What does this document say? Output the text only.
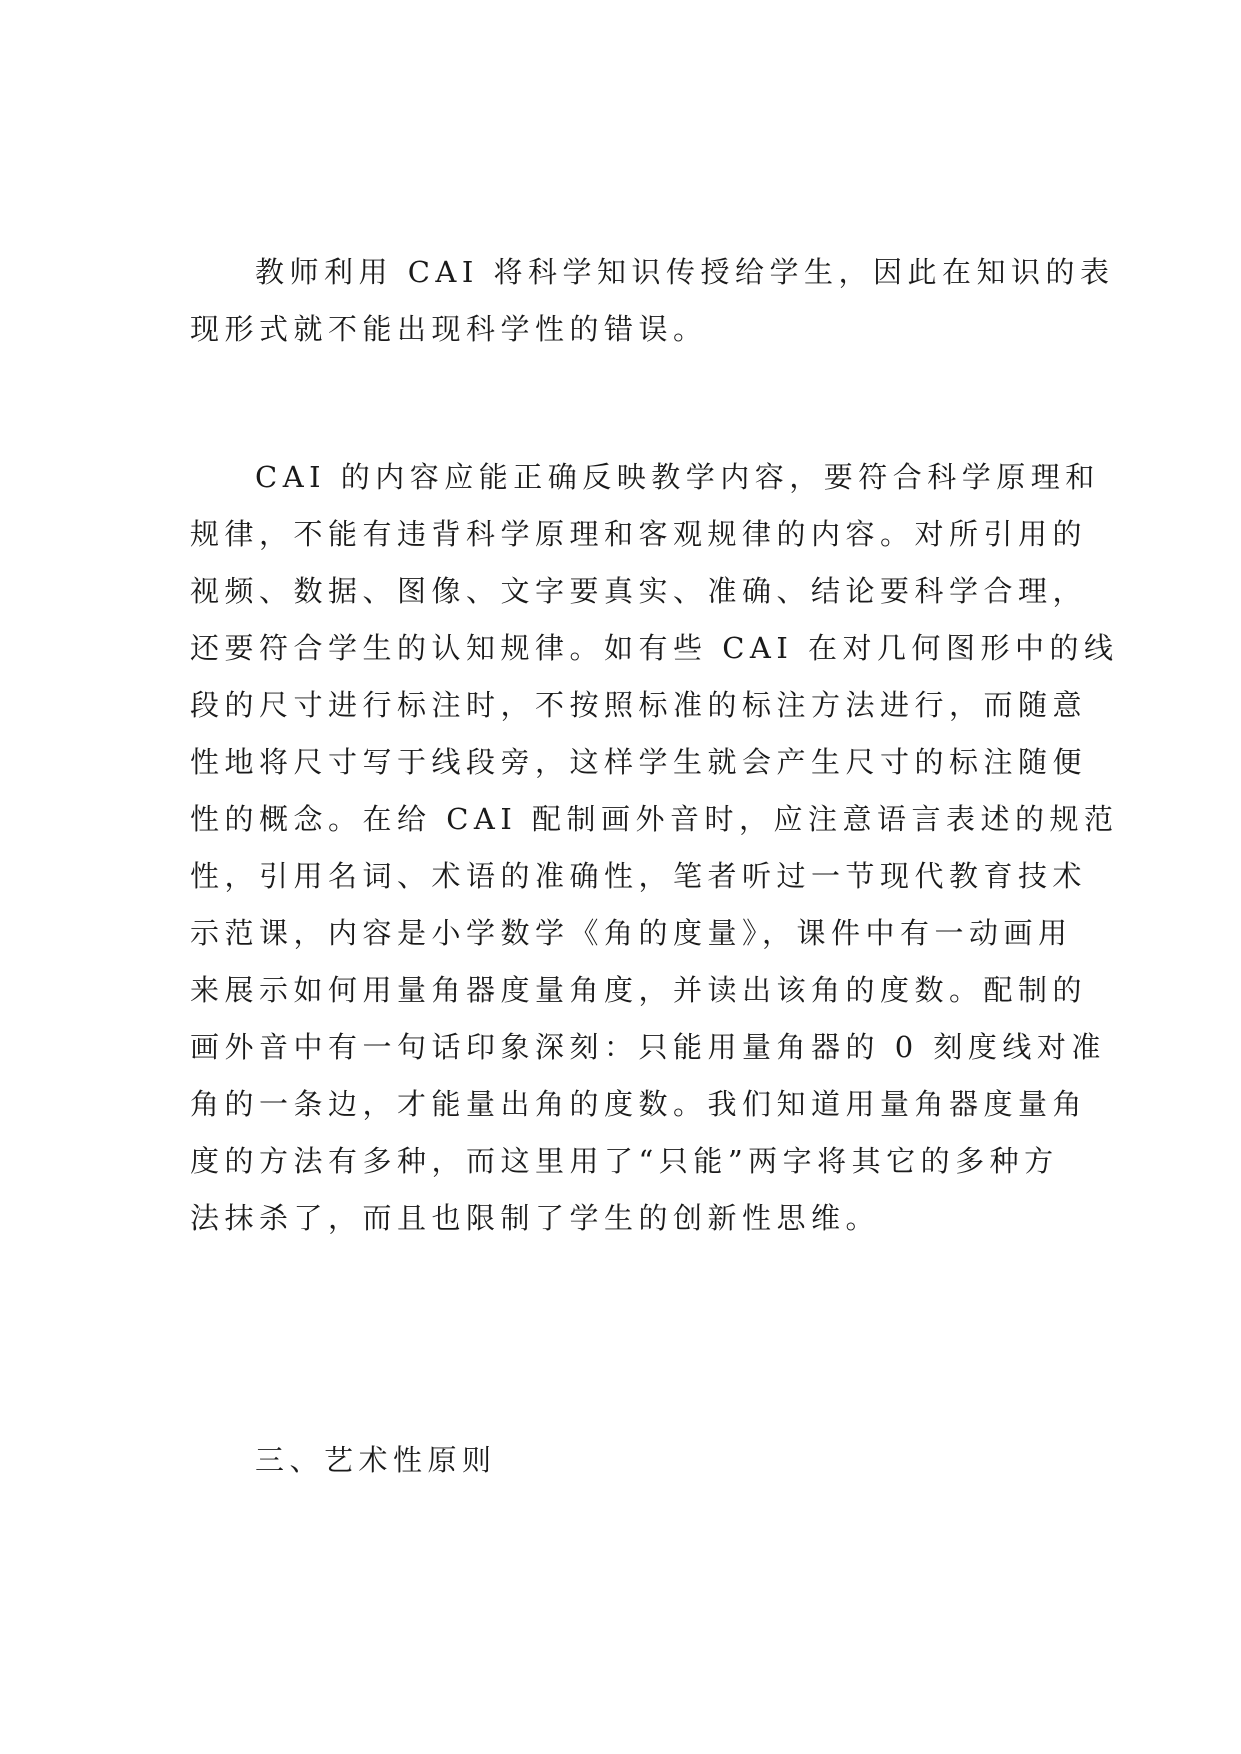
教师利用 CAI 将科学知识传授给学生，因此在知识的表
现形式就不能出现科学性的错误。
CAI 的内容应能正确反映教学内容，要符合科学原理和
规律，不能有违背科学原理和客观规律的内容。对所引用的
视频、数据、图像、文字要真实、准确、结论要科学合理，
还要符合学生的认知规律。如有些 CAI 在对几何图形中的线
段的尺寸进行标注时，不按照标准的标注方法进行，而随意
性地将尺寸写于线段旁，这样学生就会产生尺寸的标注随便
性的概念。在给 CAI 配制画外音时，应注意语言表述的规范
性，引用名词、术语的准确性，笔者听过一节现代教育技术
示范课，内容是小学数学《角的度量》，课件中有一动画用
来展示如何用量角器度量角度，并读出该角的度数。配制的
画外音中有一句话印象深刻：只能用量角器的 0 刻度线对准
角的一条边，才能量出角的度数。我们知道用量角器度量角
度的方法有多种，而这里用了“只能”两字将其它的多种方
法抹杀了，而且也限制了学生的创新性思维。
三、艺术性原则
